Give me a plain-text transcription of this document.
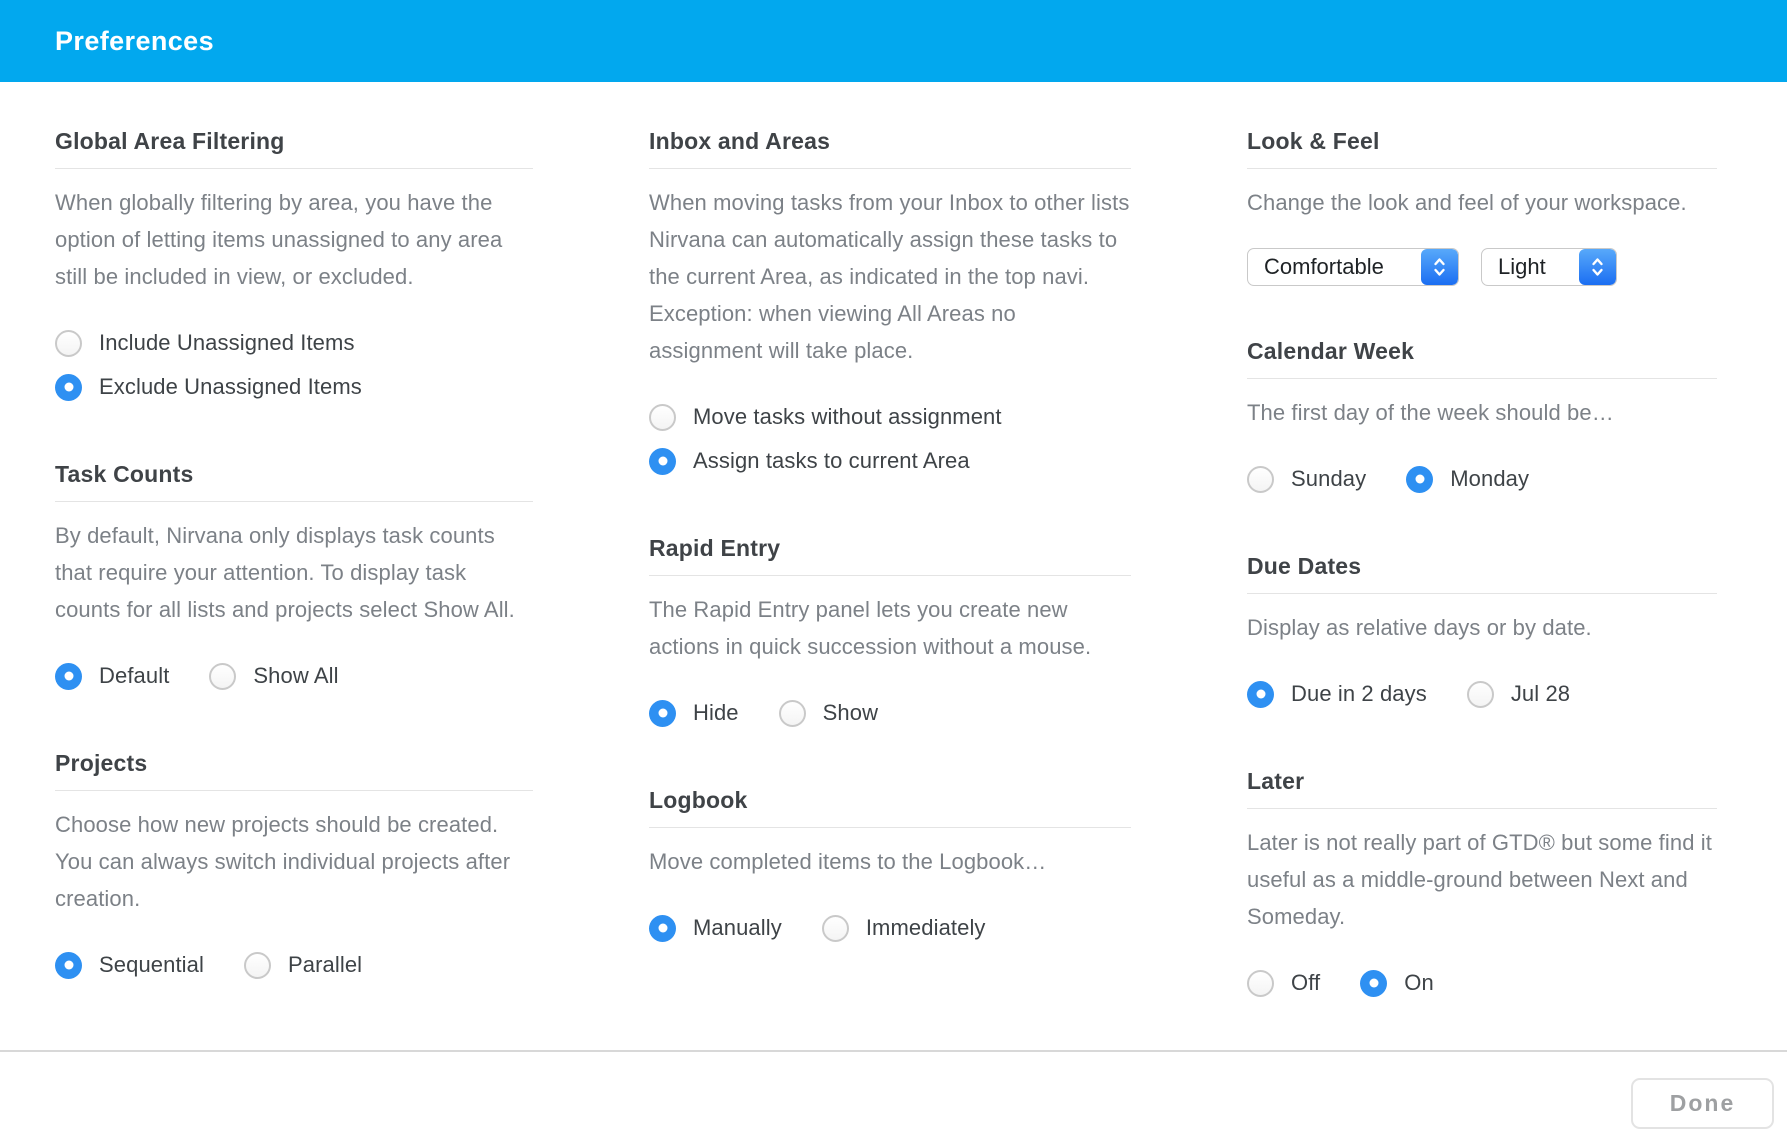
Preferences
Global Area Filtering

When globally filtering by area, you have the option of letting items unassigned to any area still be included in view, or excluded.

Include Unassigned Items
Exclude Unassigned Items
Task Counts

By default, Nirvana only displays task counts that require your attention. To display task counts for all lists and projects select Show All.

Default	Show All
Projects

Choose how new projects should be created. You can always switch individual projects after creation.

Sequential	Parallel
Inbox and Areas

When moving tasks from your Inbox to other lists Nirvana can automatically assign these tasks to the current Area, as indicated in the top navi. Exception: when viewing All Areas no assignment will take place.

Move tasks without assignment
Assign tasks to current Area
Rapid Entry

The Rapid Entry panel lets you create new actions in quick succession without a mouse.

Hide	Show
Logbook

Move completed items to the Logbook…

Manually	Immediately
Look & Feel

Change the look and feel of your workspace.

Comfortable	Light
Calendar Week

The first day of the week should be…

Sunday	Monday
Due Dates

Display as relative days or by date.

Due in 2 days	Jul 28
Later

Later is not really part of GTD® but some find it useful as a middle-ground between Next and Someday.

Off	On
Done
